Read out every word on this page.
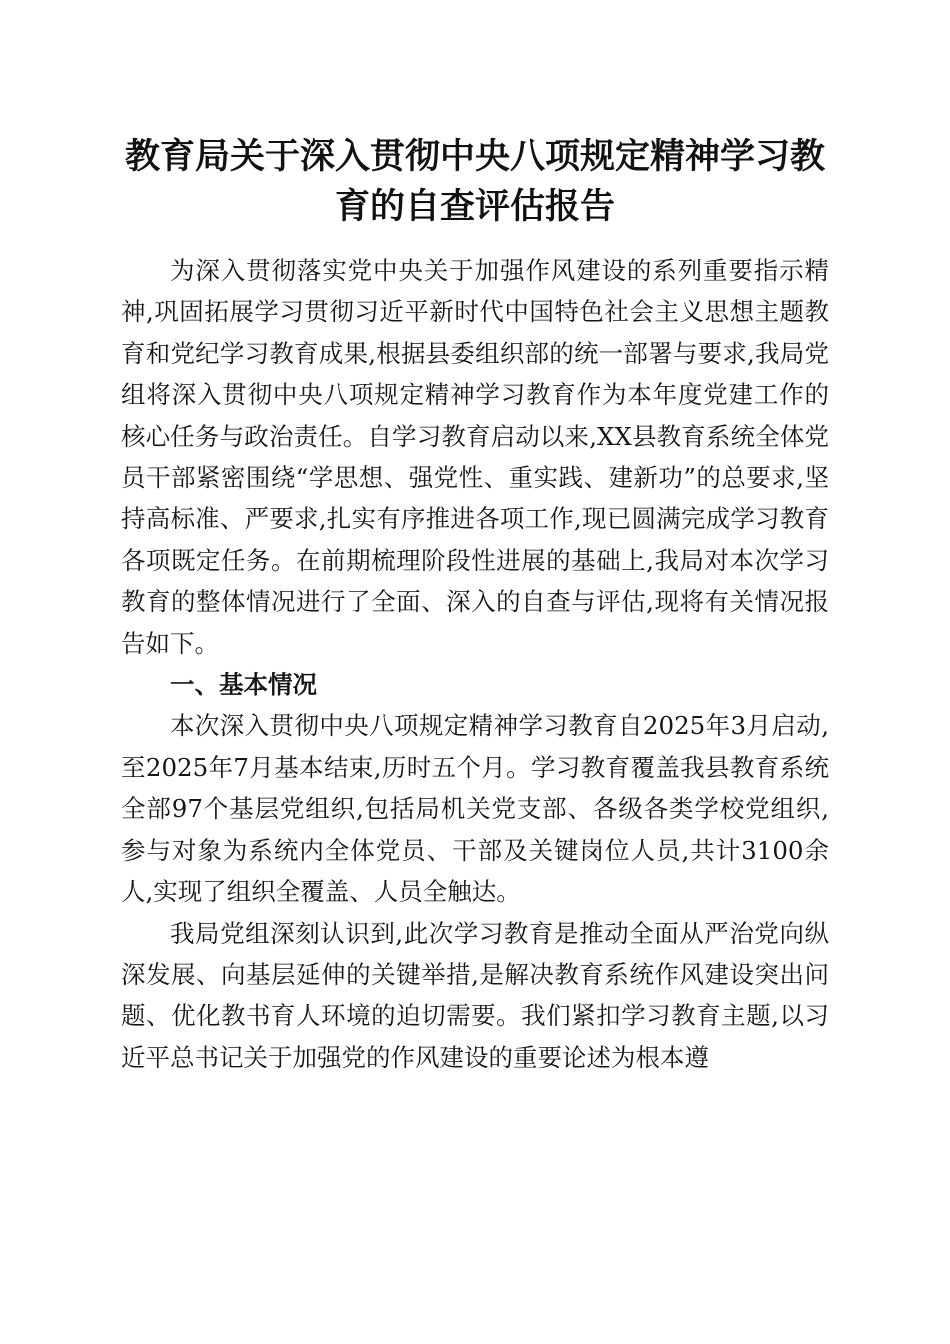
教育局关于深入贯彻中央八项规定精神学习教
育的自查评估报告

为深入贯彻落实党中央关于加强作风建设的系列重要指示精神,巩固拓展学习贯彻习近平新时代中国特色社会主义思想主题教育和党纪学习教育成果,根据县委组织部的统一部署与要求,我局党组将深入贯彻中央八项规定精神学习教育作为本年度党建工作的核心任务与政治责任。自学习教育启动以来,XX县教育系统全体党员干部紧密围绕“学思想、强党性、重实践、建新功”的总要求,坚持高标准、严要求,扎实有序推进各项工作,现已圆满完成学习教育各项既定任务。在前期梳理阶段性进展的基础上,我局对本次学习教育的整体情况进行了全面、深入的自查与评估,现将有关情况报告如下。

一、基本情况

本次深入贯彻中央八项规定精神学习教育自2025年3月启动,至2025年7月基本结束,历时五个月。学习教育覆盖我县教育系统全部97个基层党组织,包括局机关党支部、各级各类学校党组织,参与对象为系统内全体党员、干部及关键岗位人员,共计3100余人,实现了组织全覆盖、人员全触达。

我局党组深刻认识到,此次学习教育是推动全面从严治党向纵深发展、向基层延伸的关键举措,是解决教育系统作风建设突出问题、优化教书育人环境的迫切需要。我们紧扣学习教育主题,以习近平总书记关于加强党的作风建设的重要论述为根本遵
